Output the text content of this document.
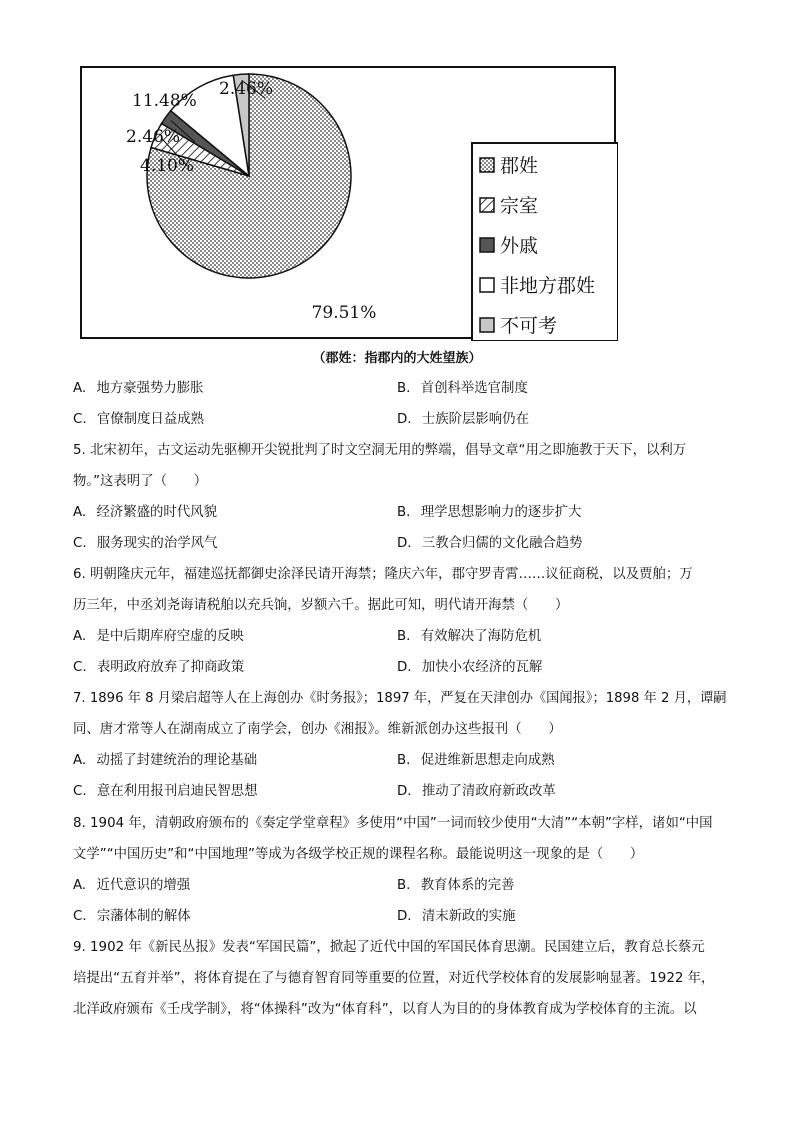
79.51%
4.10%
2.46%
11.48%
2.46%
郡姓
宗室
外戚
非地方郡姓
不可考
（郡姓：指郡内的大姓望族）
A. 地方豪强势力膨胀	B. 首创科举选官制度
C. 官僚制度日益成熟	D. 士族阶层影响仍在
5. 北宋初年，古文运动先驱柳开尖锐批判了时文空洞无用的弊端，倡导文章“用之即施教于天下，以利万
物。”这表明了（　　）
A. 经济繁盛的时代风貌	B. 理学思想影响力的逐步扩大
C. 服务现实的治学风气	D. 三教合归儒的文化融合趋势
6. 明朝隆庆元年，福建巡抚都御史涂泽民请开海禁；隆庆六年，郡守罗青霄……议征商税，以及贾舶；万
历三年，中丞刘尧诲请税舶以充兵饷，岁额六千。据此可知，明代请开海禁（　　）
A. 是中后期库府空虚的反映	B. 有效解决了海防危机
C. 表明政府放弃了抑商政策	D. 加快小农经济的瓦解
7. 1896 年 8 月梁启超等人在上海创办《时务报》；1897 年，严复在天津创办《国闻报》；1898 年 2 月，谭嗣
同、唐才常等人在湖南成立了南学会，创办《湘报》。维新派创办这些报刊（　　）
A. 动摇了封建统治的理论基础	B. 促进维新思想走向成熟
C. 意在利用报刊启迪民智思想	D. 推动了清政府新政改革
8. 1904 年，清朝政府颁布的《奏定学堂章程》多使用“中国”一词而较少使用“大清”“本朝”字样，诸如“中国
文学”“中国历史”和“中国地理”等成为各级学校正规的课程名称。最能说明这一现象的是（　　）
A. 近代意识的增强	B. 教育体系的完善
C. 宗藩体制的解体	D. 清末新政的实施
9. 1902 年《新民丛报》发表“军国民篇”，掀起了近代中国的军国民体育思潮。民国建立后，教育总长蔡元
培提出“五育并举”，将体育提在了与德育智育同等重要的位置，对近代学校体育的发展影响显著。1922 年，
北洋政府颁布《壬戌学制》，将“体操科”改为“体育科”，以育人为目的的身体教育成为学校体育的主流。以
